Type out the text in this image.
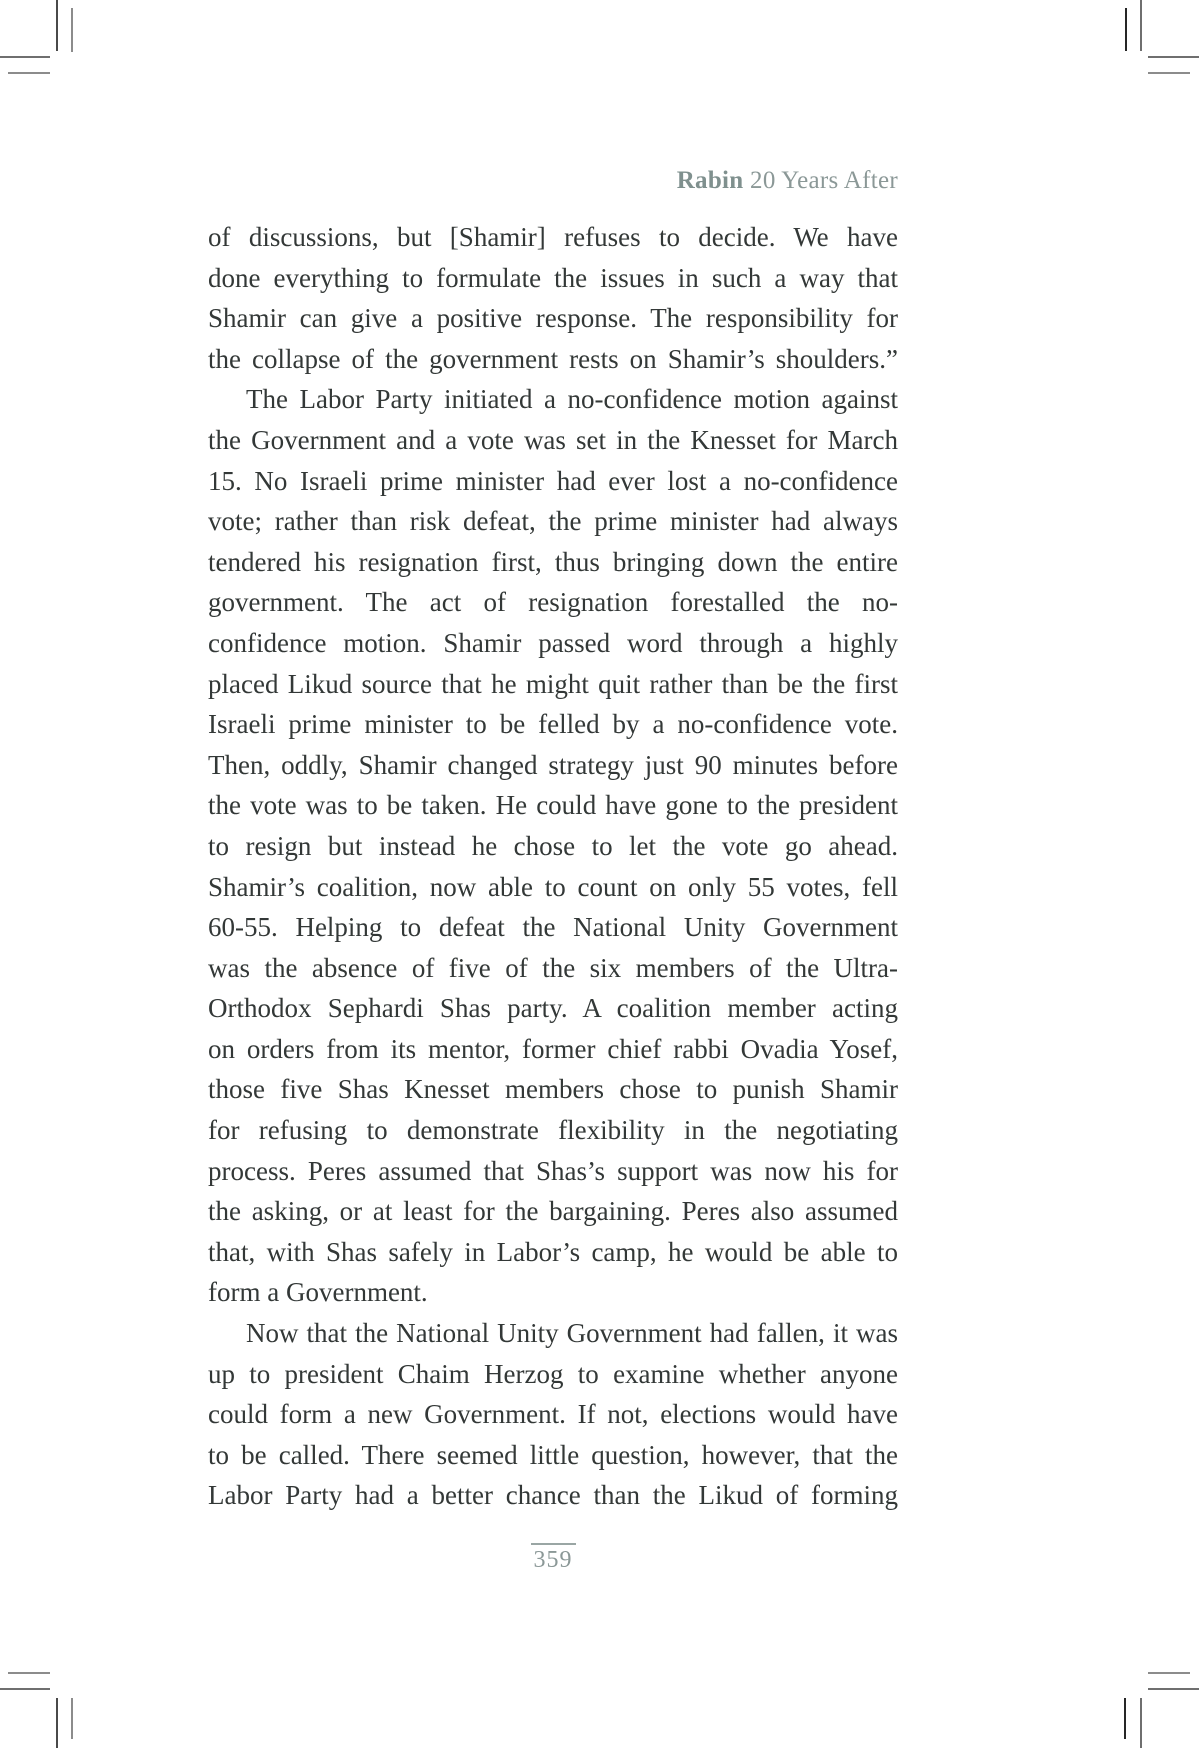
Rabin 20 Years After
of discussions, but [Shamir] refuses to decide. We have
done everything to formulate the issues in such a way that
Shamir can give a positive response. The responsibility for
the collapse of the government rests on Shamir’s shoulders.”
The Labor Party initiated a no-confidence motion against
the Government and a vote was set in the Knesset for March
15. No Israeli prime minister had ever lost a no-confidence
vote; rather than risk defeat, the prime minister had always
tendered his resignation first, thus bringing down the entire
government. The act of resignation forestalled the no-
confidence motion. Shamir passed word through a highly
placed Likud source that he might quit rather than be the first
Israeli prime minister to be felled by a no-confidence vote.
Then, oddly, Shamir changed strategy just 90 minutes before
the vote was to be taken. He could have gone to the president
to resign but instead he chose to let the vote go ahead.
Shamir’s coalition, now able to count on only 55 votes, fell
60-55. Helping to defeat the National Unity Government
was the absence of five of the six members of the Ultra-
Orthodox Sephardi Shas party. A coalition member acting
on orders from its mentor, former chief rabbi Ovadia Yosef,
those five Shas Knesset members chose to punish Shamir
for refusing to demonstrate flexibility in the negotiating
process. Peres assumed that Shas’s support was now his for
the asking, or at least for the bargaining. Peres also assumed
that, with Shas safely in Labor’s camp, he would be able to
form a Government.
Now that the National Unity Government had fallen, it was
up to president Chaim Herzog to examine whether anyone
could form a new Government. If not, elections would have
to be called. There seemed little question, however, that the
Labor Party had a better chance than the Likud of forming
359
